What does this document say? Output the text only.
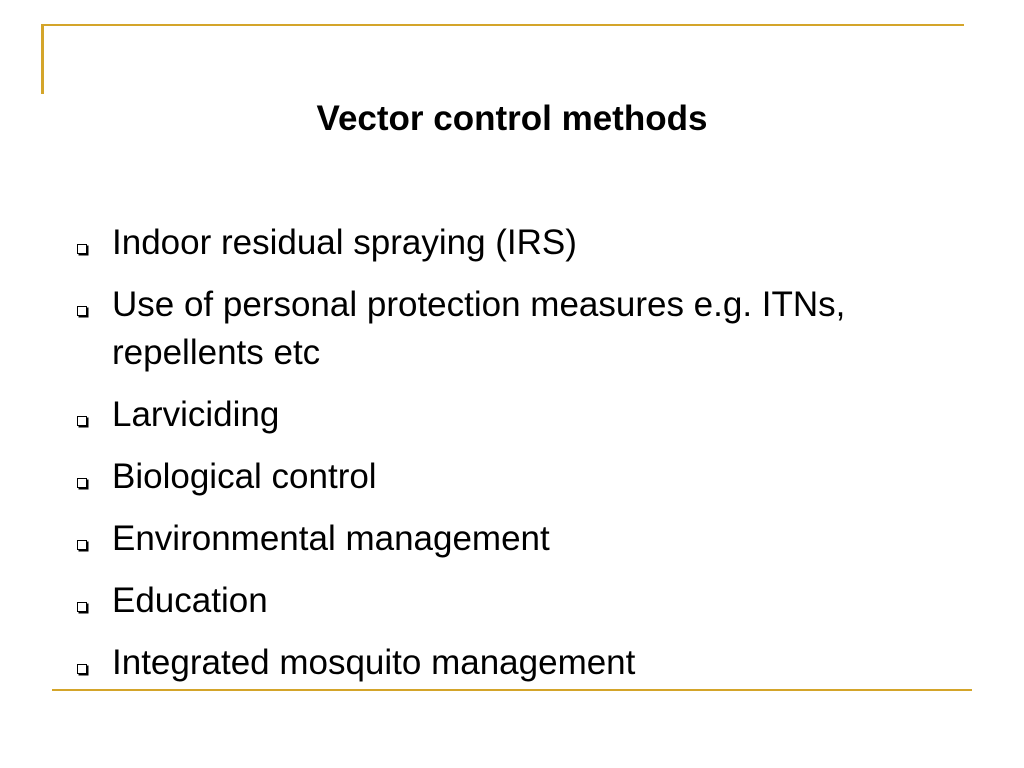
Vector control methods
Indoor residual spraying (IRS)
Use of personal protection measures e.g. ITNs, repellents etc
Larviciding
Biological control
Environmental management
Education
Integrated mosquito management
